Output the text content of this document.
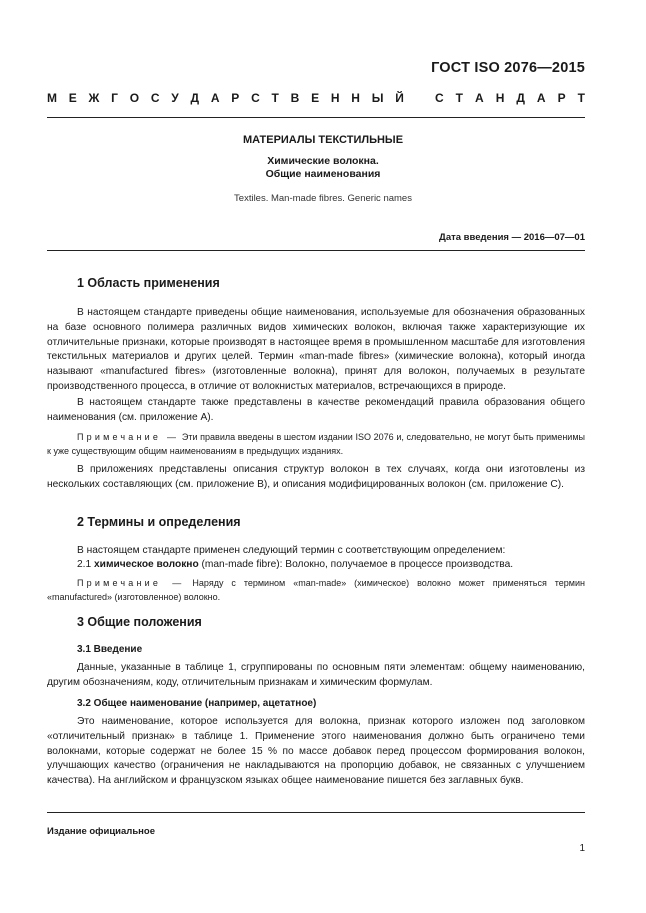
ГОСТ ISO 2076—2015
М Е Ж Г О С У Д А Р С Т В Е Н Н Ы Й	С Т А Н Д А Р Т
МАТЕРИАЛЫ ТЕКСТИЛЬНЫЕ
Химические волокна.
Общие наименования
Textiles. Man-made fibres. Generic names
Дата введения — 2016—07—01
1 Область применения
В настоящем стандарте приведены общие наименования, используемые для обозначения образованных на базе основного полимера различных видов химических волокон, включая также характеризующие их отличительные признаки, которые производят в настоящее время в промышленном масштабе для изготовления текстильных материалов и других целей. Термин «man-made fibres» (химические волокна), который иногда называют «manufactured fibres» (изготовленные волокна), принят для волокон, получаемых в результате производственного процесса, в отличие от волокнистых материалов, встречающихся в природе.
В настоящем стандарте также представлены в качестве рекомендаций правила образования общего наименования (см. приложение А).
Примечание — Эти правила введены в шестом издании ISO 2076 и, следовательно, не могут быть применимы к уже существующим общим наименованиям в предыдущих изданиях.
В приложениях представлены описания структур волокон в тех случаях, когда они изготовлены из нескольких составляющих (см. приложение В), и описания модифицированных волокон (см. приложение С).
2 Термины и определения
В настоящем стандарте применен следующий термин с соответствующим определением:
2.1 химическое волокно (man-made fibre): Волокно, получаемое в процессе производства.
Примечание — Наряду с термином «man-made» (химическое) волокно может применяться термин «manufactured» (изготовленное) волокно.
3 Общие положения
3.1 Введение
Данные, указанные в таблице 1, сгруппированы по основным пяти элементам: общему наименованию, другим обозначениям, коду, отличительным признакам и химическим формулам.
3.2 Общее наименование (например, ацетатное)
Это наименование, которое используется для волокна, признак которого изложен под заголовком «отличительный признак» в таблице 1. Применение этого наименования должно быть ограничено теми волокнами, которые содержат не более 15 % по массе добавок перед процессом формирования волокон, улучшающих качество (ограничения не накладываются на пропорцию добавок, не связанных с улучшением качества). На английском и французском языках общее наименование пишется без заглавных букв.
Издание официальное
1
